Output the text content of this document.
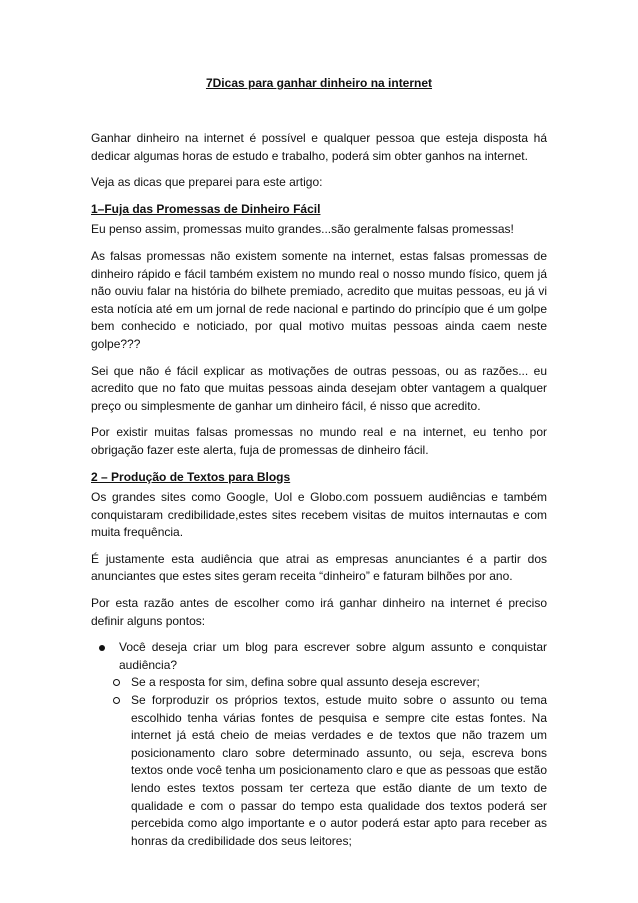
7Dicas para ganhar dinheiro na internet

Ganhar dinheiro na internet é possível e qualquer pessoa que esteja disposta há dedicar algumas horas de estudo e trabalho, poderá sim obter ganhos na internet.

Veja as dicas que preparei para este artigo:

1–Fuja das Promessas de Dinheiro Fácil

Eu penso assim, promessas muito grandes...são geralmente falsas promessas!

As falsas promessas não existem somente na internet, estas falsas promessas de dinheiro rápido e fácil também existem no mundo real o nosso mundo físico, quem já não ouviu falar na história do bilhete premiado, acredito que muitas pessoas, eu já vi esta notícia até em um jornal de rede nacional e partindo do princípio que é um golpe bem conhecido e noticiado, por qual motivo muitas pessoas ainda caem neste golpe???

Sei que não é fácil explicar as motivações de outras pessoas, ou as razões... eu acredito que no fato que muitas pessoas ainda desejam obter vantagem a qualquer preço ou simplesmente de ganhar um dinheiro fácil, é nisso que acredito.

Por existir muitas falsas promessas no mundo real e na internet, eu tenho por obrigação fazer este alerta, fuja de promessas de dinheiro fácil.

2 – Produção de Textos para Blogs

Os grandes sites como Google, Uol e Globo.com possuem audiências e também conquistaram credibilidade,estes sites recebem visitas de muitos internautas e com muita frequência.

É justamente esta audiência que atrai as empresas anunciantes é a partir dos anunciantes que estes sites geram receita “dinheiro” e faturam bilhões por ano.

Por esta razão antes de escolher como irá ganhar dinheiro na internet é preciso definir alguns pontos:

Você deseja criar um blog para escrever sobre algum assunto e conquistar audiência?
Se a resposta for sim, defina sobre qual assunto deseja escrever;
Se forproduzir os próprios textos, estude muito sobre o assunto ou tema escolhido tenha várias fontes de pesquisa e sempre cite estas fontes. Na internet já está cheio de meias verdades e de textos que não trazem um posicionamento claro sobre determinado assunto, ou seja, escreva bons textos onde você tenha um posicionamento claro e que as pessoas que estão lendo estes textos possam ter certeza que estão diante de um texto de qualidade e com o passar do tempo esta qualidade dos textos poderá ser percebida como algo importante e o autor poderá estar apto para receber as honras da credibilidade dos seus leitores;
